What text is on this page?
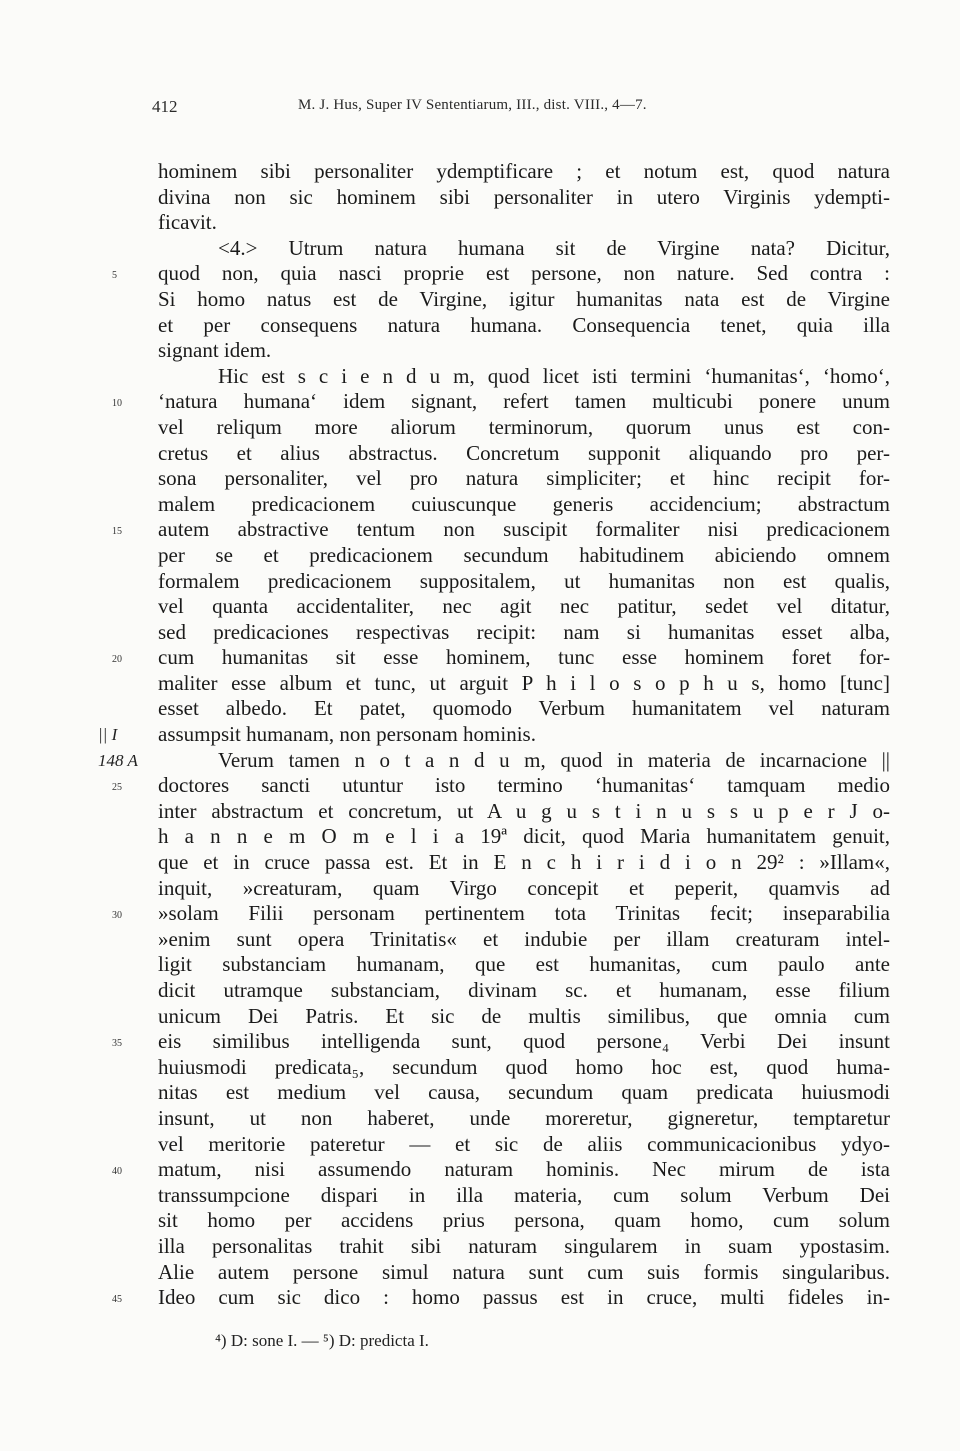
412	M. J. Hus, Super IV Sententiarum, III., dist. VIII., 4—7.
hominem sibi personaliter ydemptificare ; et notum est, quod natura
divina non sic hominem sibi personaliter in utero Virginis ydempti-
ficavit.
<4.> Utrum natura humana sit de Virgine nata? Dicitur,
5	quod non, quia nasci proprie est persone, non nature. Sed contra :
Si homo natus est de Virgine, igitur humanitas nata est de Virgine
et per consequens natura humana. Consequencia tenet, quia illa
signant idem.
Hic est s c i e n d u m, quod licet isti termini ‘humanitas‘, ‘homo‘,
10	‘natura humana‘ idem signant, refert tamen multicubi ponere unum
vel reliqum more aliorum terminorum, quorum unus est con-
cretus et alius abstractus. Concretum supponit aliquando pro per-
sona personaliter, vel pro natura simpliciter; et hinc recipit for-
malem predicacionem cuiuscunque generis accidencium; abstractum
15	autem abstractive tentum non suscipit formaliter nisi predicacionem
per se et predicacionem secundum habitudinem abiciendo omnem
formalem predicacionem suppositalem, ut humanitas non est qualis,
vel quanta accidentaliter, nec agit nec patitur, sedet vel ditatur,
sed predicaciones respectivas recipit: nam si humanitas esset alba,
20	cum humanitas sit esse hominem, tunc esse hominem foret for-
maliter esse album et tunc, ut arguit P h i l o s o p h u s, homo [tunc]
esset albedo. Et patet, quomodo Verbum humanitatem vel naturam
|| I assumpsit humanam, non personam hominis.
148 A	Verum tamen n o t a n d u m, quod in materia de incarnacione ||
25	doctores sancti utuntur isto termino ‘humanitas‘ tamquam medio
inter abstractum et concretum, ut A u g u s t i n u s s u p e r J o-
h a n n e m O m e l i a 19ª dicit, quod Maria humanitatem genuit,
que et in cruce passa est. Et in E n c h i r i d i o n 29² : »Illam«,
inquit, »creaturam, quam Virgo concepit et peperit, quamvis ad
30	»solam Filii personam pertinentem tota Trinitas fecit; inseparabilia
»enim sunt opera Trinitatis« et indubie per illam creaturam intel-
ligit substanciam humanam, que est humanitas, cum paulo ante
dicit utramque substanciam, divinam sc. et humanam, esse filium
unicum Dei Patris. Et sic de multis similibus, que omnia cum
35	eis similibus intelligenda sunt, quod persone₄ Verbi Dei insunt
huiusmodi predicata₅, secundum quod homo hoc est, quod huma-
nitas est medium vel causa, secundum quam predicata huiusmodi
insunt, ut non haberet, unde moreretur, gigneretur, temptaretur
vel meritorie pateretur — et sic de aliis communicacionibus ydyo-
40	matum, nisi assumendo naturam hominis. Nec mirum de ista
transsumpcione dispari in illa materia, cum solum Verbum Dei
sit homo per accidens prius persona, quam homo, cum solum
illa personalitas trahit sibi naturam singularem in suam ypostasim.
Alie autem persone simul natura sunt cum suis formis singularibus.
45	Ideo cum sic dico : homo passus est in cruce, multi fideles in-
⁴) D: sone I. — ⁵) D: predicta I.
